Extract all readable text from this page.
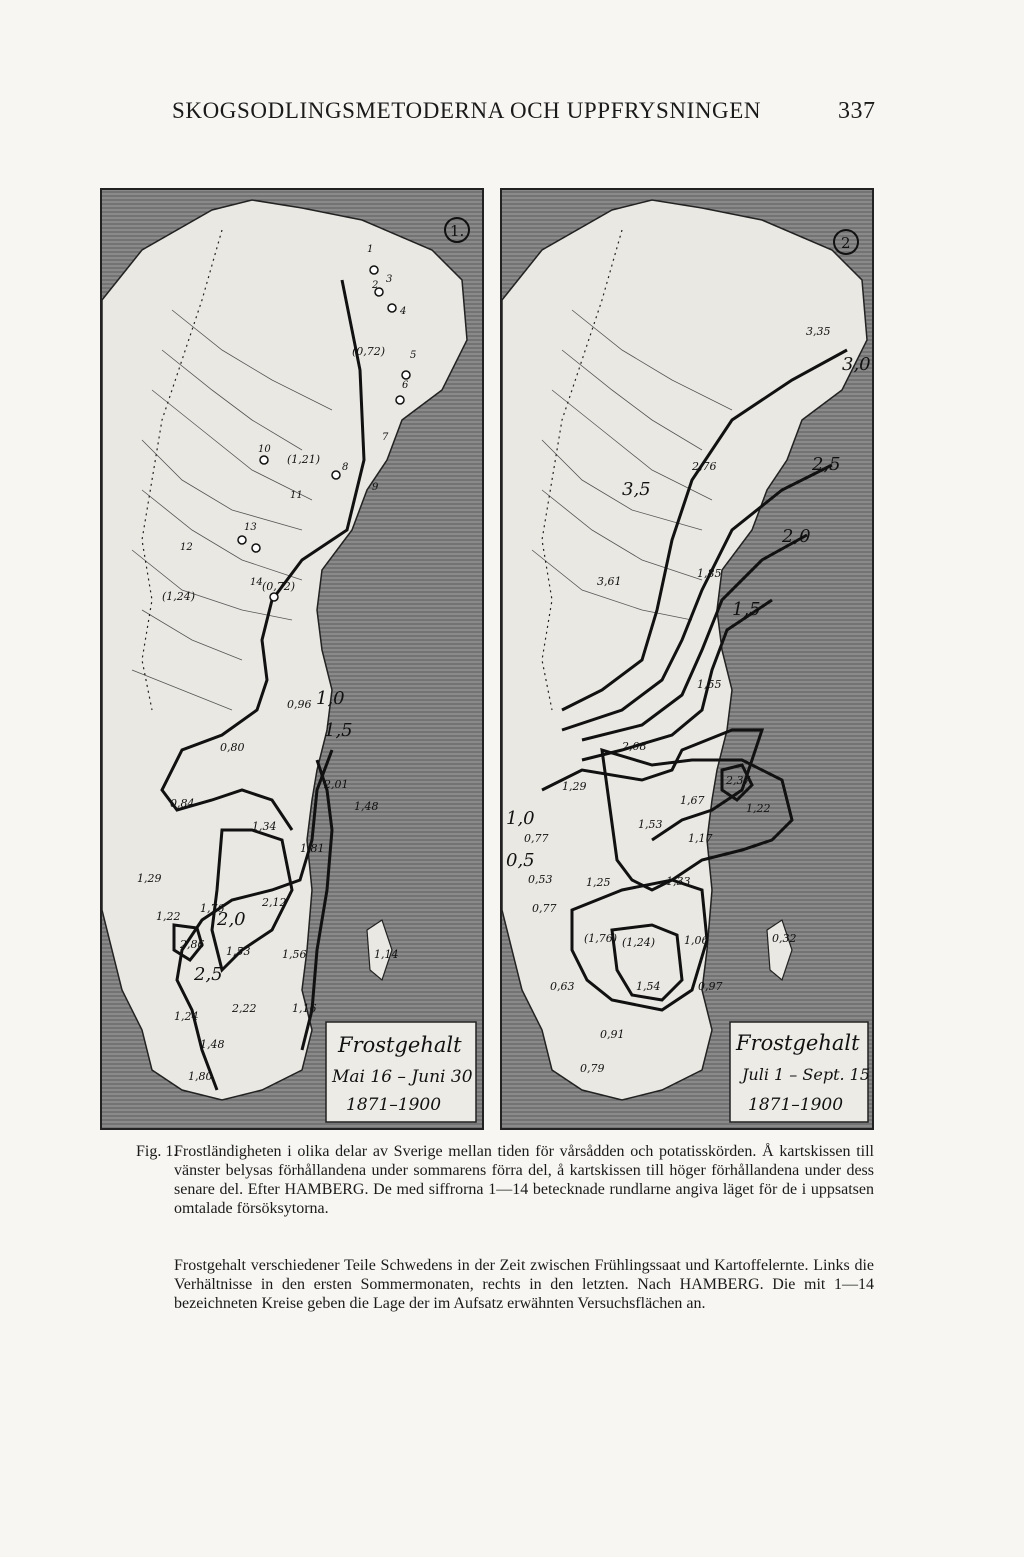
SKOGSODLINGSMETODERNA OCH UPPFRYSNINGEN	337
1.
1,0
1,5
2,0
2,5
(0,72)
(1,21)
(1,24)
(0,72)
0,96
0,80
0,84	1,48
1,34
1,81
1,76	2,12
2,86
1,53
2,22
1,56
1,16
1,24
1,48
1,80
2,01
1,29
1,22
1,14
1
2
3
4
5
6
7
8
9
10
11
12
13
14
Frostgehalt
Mai 16 – Juni 30
1871–1900
2
3,0
2,5
2,0
1,5
1,0
3,5
0,5
3,35
2,76
3,61
1,85
1,55
2,08
2,37
1,67
1,53
1,22
1,17
1,29
0,77
0,53	1,25	1,33
0,77
(1,76) (1,24)	1,06	0,32
0,63	1,54	0,97
0,91
0,79
Frostgehalt
Juli 1 – Sept. 15
1871–1900
Fig. 1.
Frostländigheten i olika delar av Sverige mellan tiden för vårsådden och potatisskörden. Å kartskissen till vänster belysas förhållandena under sommarens förra del, å kartskissen till höger förhållandena under dess senare del. Efter HAMBERG. De med siffrorna 1—14 betecknade rundlarne angiva läget för de i uppsatsen omtalade försöksytorna.
Frostgehalt verschiedener Teile Schwedens in der Zeit zwischen Frühlingssaat und Kartoffelernte. Links die Verhältnisse in den ersten Sommermonaten, rechts in den letzten. Nach HAMBERG. Die mit 1—14 bezeichneten Kreise geben die Lage der im Aufsatz erwähnten Versuchsflächen an.
